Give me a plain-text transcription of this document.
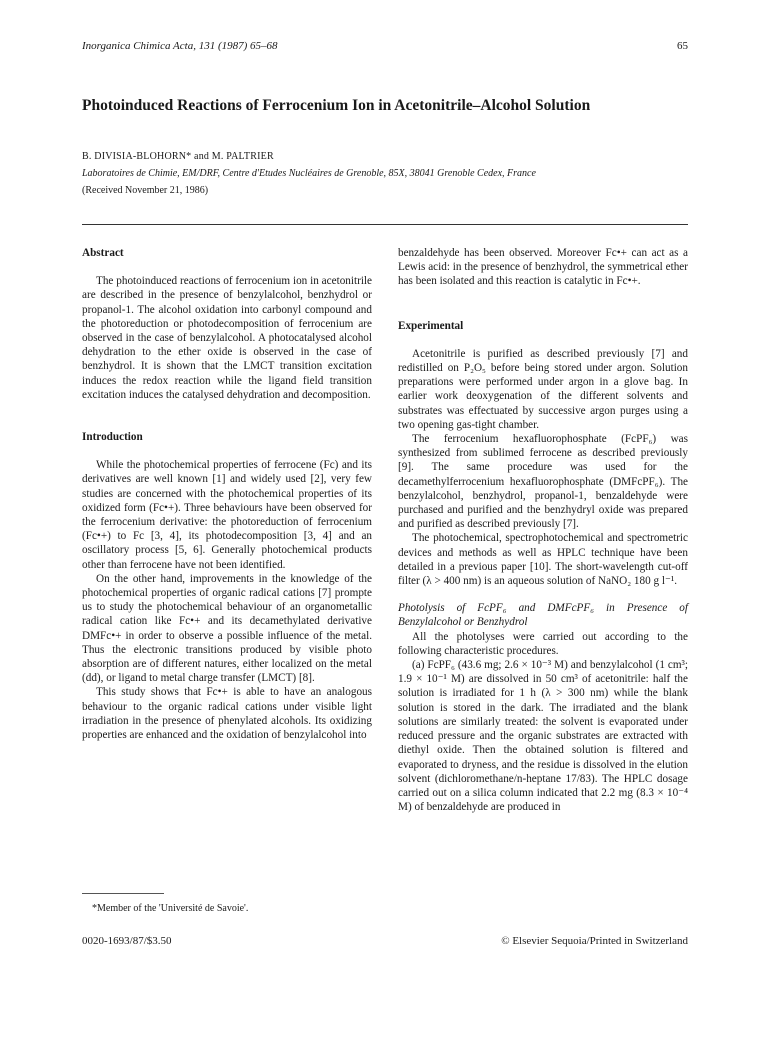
Inorganica Chimica Acta, 131 (1987) 65–68	65
Photoinduced Reactions of Ferrocenium Ion in Acetonitrile–Alcohol Solution
B. DIVISIA-BLOHORN* and M. PALTRIER
Laboratoires de Chimie, EM/DRF, Centre d'Etudes Nucléaires de Grenoble, 85X, 38041 Grenoble Cedex, France
(Received November 21, 1986)
Abstract

The photoinduced reactions of ferrocenium ion in acetonitrile are described in the presence of benzylalcohol, benzhydrol or propanol-1. The alcohol oxidation into carbonyl compound and the photoreduction or photodecomposition of ferrocenium are observed in the case of benzylalcohol. A photocatalysed alcohol dehydration to the ether oxide is observed in the case of benzhydrol. It is shown that the LMCT transition excitation induces the redox reaction while the ligand field transition excitation induces the catalysed dehydration and decomposition.

Introduction

While the photochemical properties of ferrocene (Fc) and its derivatives are well known [1] and widely used [2], very few studies are concerned with the photochemical properties of its oxidized form (Fc•+). Three behaviours have been observed for the ferrocenium derivative: the photoreduction of ferrocenium (Fc•+) to Fc [3, 4], its photodecomposition [3, 4] and an oscillatory process [5, 6]. Generally photochemical products other than ferrocene have not been identified.

On the other hand, improvements in the knowledge of the photochemical properties of organic radical cations [7] prompte us to study the photochemical behaviour of an organometallic radical cation like Fc•+ and its decamethylated derivative DMFc•+ in order to observe a possible influence of the metal. Thus the electronic transitions produced by visible photo absorption are of different natures, either localized on the metal (dd), or ligand to metal charge transfer (LMCT) [8].

This study shows that Fc•+ is able to have an analogous behaviour to the organic radical cations under visible light irradiation in the presence of phenylated alcohols. Its oxidizing properties are enhanced and the oxidation of benzylalcohol into

*Member of the 'Université de Savoie'.
0020-1693/87/$3.50

benzaldehyde has been observed. Moreover Fc•+ can act as a Lewis acid: in the presence of benzhydrol, the symmetrical ether has been isolated and this reaction is catalytic in Fc•+.

Experimental

Acetonitrile is purified as described previously [7] and redistilled on P₂O₅ before being stored under argon. Solution preparations were performed under argon in a glove bag. In earlier work deoxygenation of the different solvents and substrates was effectuated by successive argon purges using a two opening gas-tight chamber.

The ferrocenium hexafluorophosphate (FcPF₆) was synthesized from sublimed ferrocene as described previously [9]. The same procedure was used for the decamethylferrocenium hexafluorophosphate (DMFcPF₆). The benzylalcohol, benzhydrol, propanol-1, benzaldehyde were purchased and purified and the benzhydryl oxide was prepared and purified as described previously [7].

The photochemical, spectrophotochemical and spectrometric devices and methods as well as HPLC technique have been detailed in a previous paper [10]. The short-wavelength cut-off filter (λ > 400 nm) is an aqueous solution of NaNO₂ 180 g l⁻¹.

Photolysis of FcPF₆ and DMFcPF₆ in Presence of Benzylalcohol or Benzhydrol

All the photolyses were carried out according to the following characteristic procedures.

(a) FcPF₆ (43.6 mg; 2.6 × 10⁻³ M) and benzylalcohol (1 cm³; 1.9 × 10⁻¹ M) are dissolved in 50 cm³ of acetonitrile: half the solution is irradiated for 1 h (λ > 300 nm) while the blank solution is stored in the dark. The irradiated and the blank solutions are similarly treated: the solvent is evaporated under reduced pressure and the organic substrates are extracted with diethyl oxide. Then the obtained solution is filtered and evaporated to dryness, and the residue is dissolved in the elution solvent (dichloromethane/n-heptane 17/83). The HPLC dosage carried out on a silica column indicated that 2.2 mg (8.3 × 10⁻⁴ M) of benzaldehyde are produced in

© Elsevier Sequoia/Printed in Switzerland
